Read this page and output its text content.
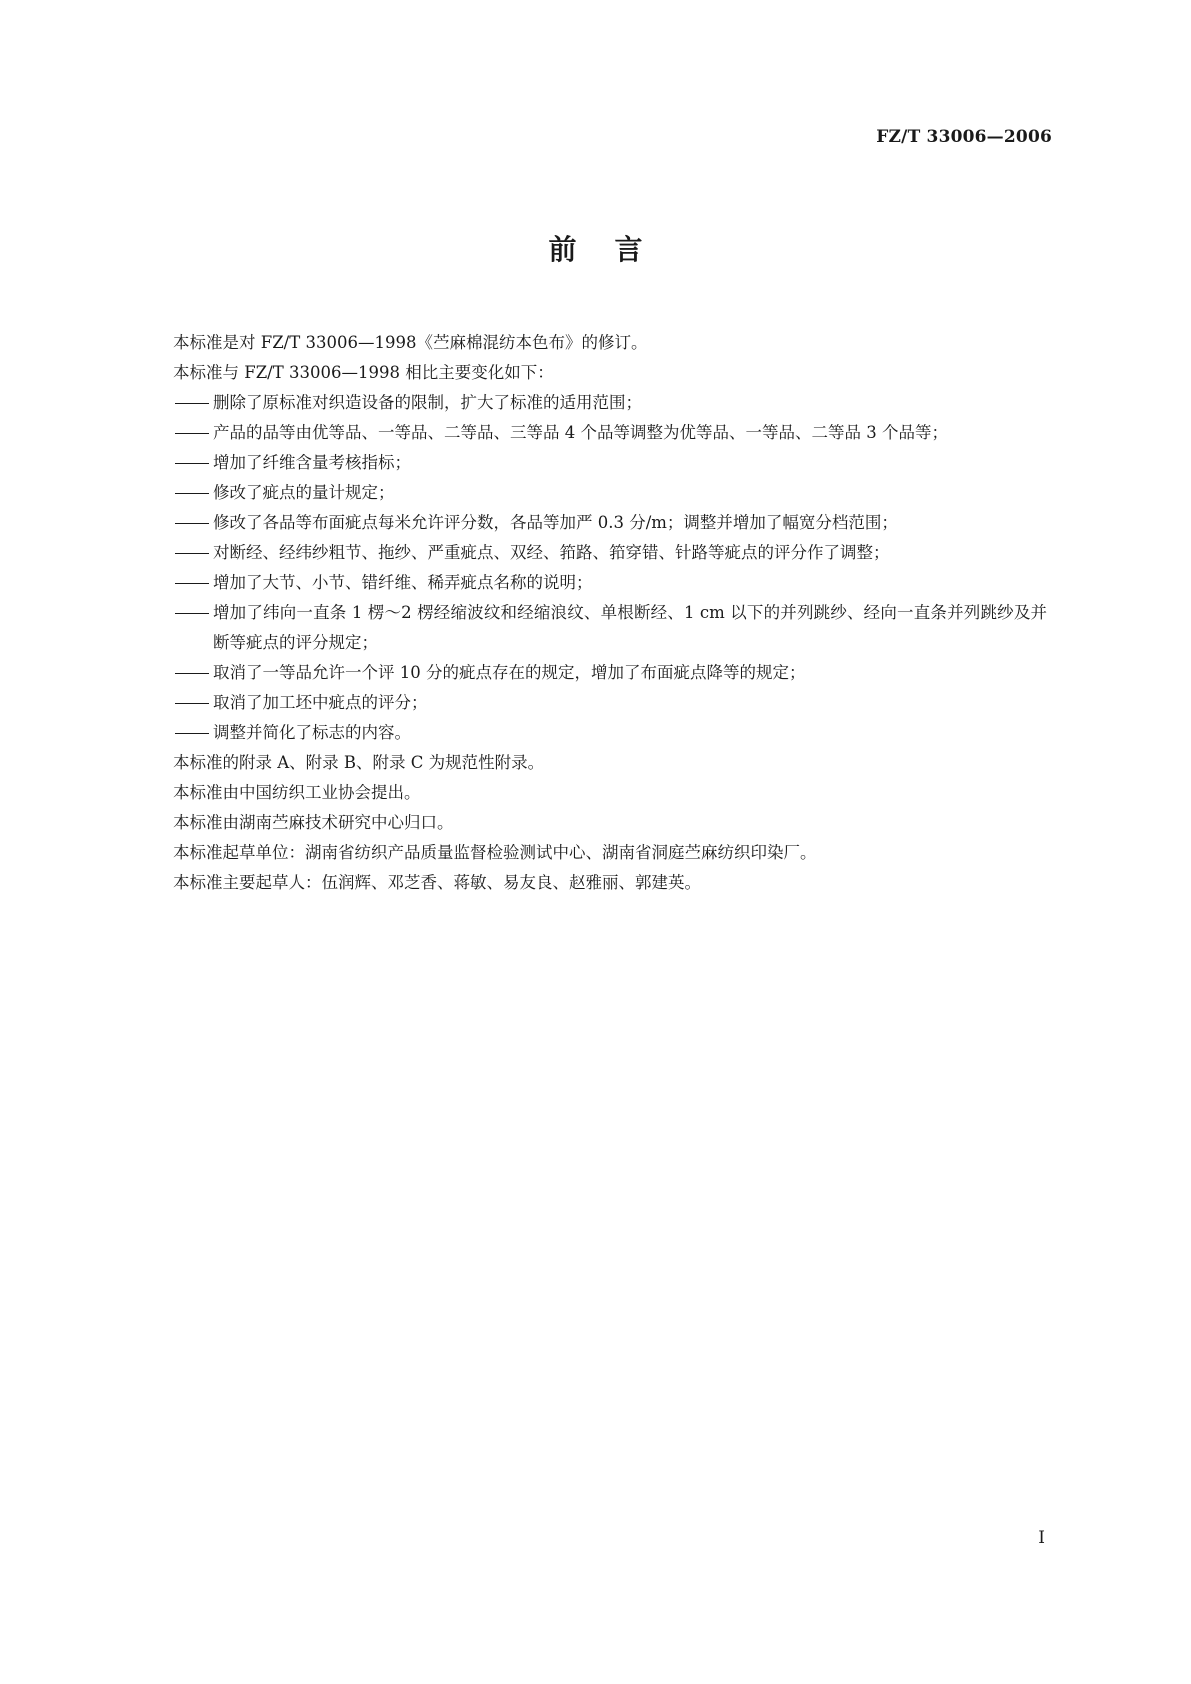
FZ/T 33006—2006
前言

本标准是对 FZ/T 33006—1998《苎麻棉混纺本色布》的修订。

本标准与 FZ/T 33006—1998 相比主要变化如下：

删除了原标准对织造设备的限制，扩大了标准的适用范围；
产品的品等由优等品、一等品、二等品、三等品 4 个品等调整为优等品、一等品、二等品 3 个品等；
增加了纤维含量考核指标；
修改了疵点的量计规定；
修改了各品等布面疵点每米允许评分数，各品等加严 0.3 分/m；调整并增加了幅宽分档范围；
对断经、经纬纱粗节、拖纱、严重疵点、双经、筘路、筘穿错、针路等疵点的评分作了调整；
增加了大节、小节、错纤维、稀弄疵点名称的说明；
增加了纬向一直条 1 楞～2 楞经缩波纹和经缩浪纹、单根断经、1 cm 以下的并列跳纱、经向一直条并列跳纱及并断等疵点的评分规定；
取消了一等品允许一个评 10 分的疵点存在的规定，增加了布面疵点降等的规定；
取消了加工坯中疵点的评分；
调整并简化了标志的内容。

本标准的附录 A、附录 B、附录 C 为规范性附录。

本标准由中国纺织工业协会提出。

本标准由湖南苎麻技术研究中心归口。

本标准起草单位：湖南省纺织产品质量监督检验测试中心、湖南省洞庭苎麻纺织印染厂。

本标准主要起草人：伍润辉、邓芝香、蒋敏、易友良、赵雅丽、郭建英。

I
